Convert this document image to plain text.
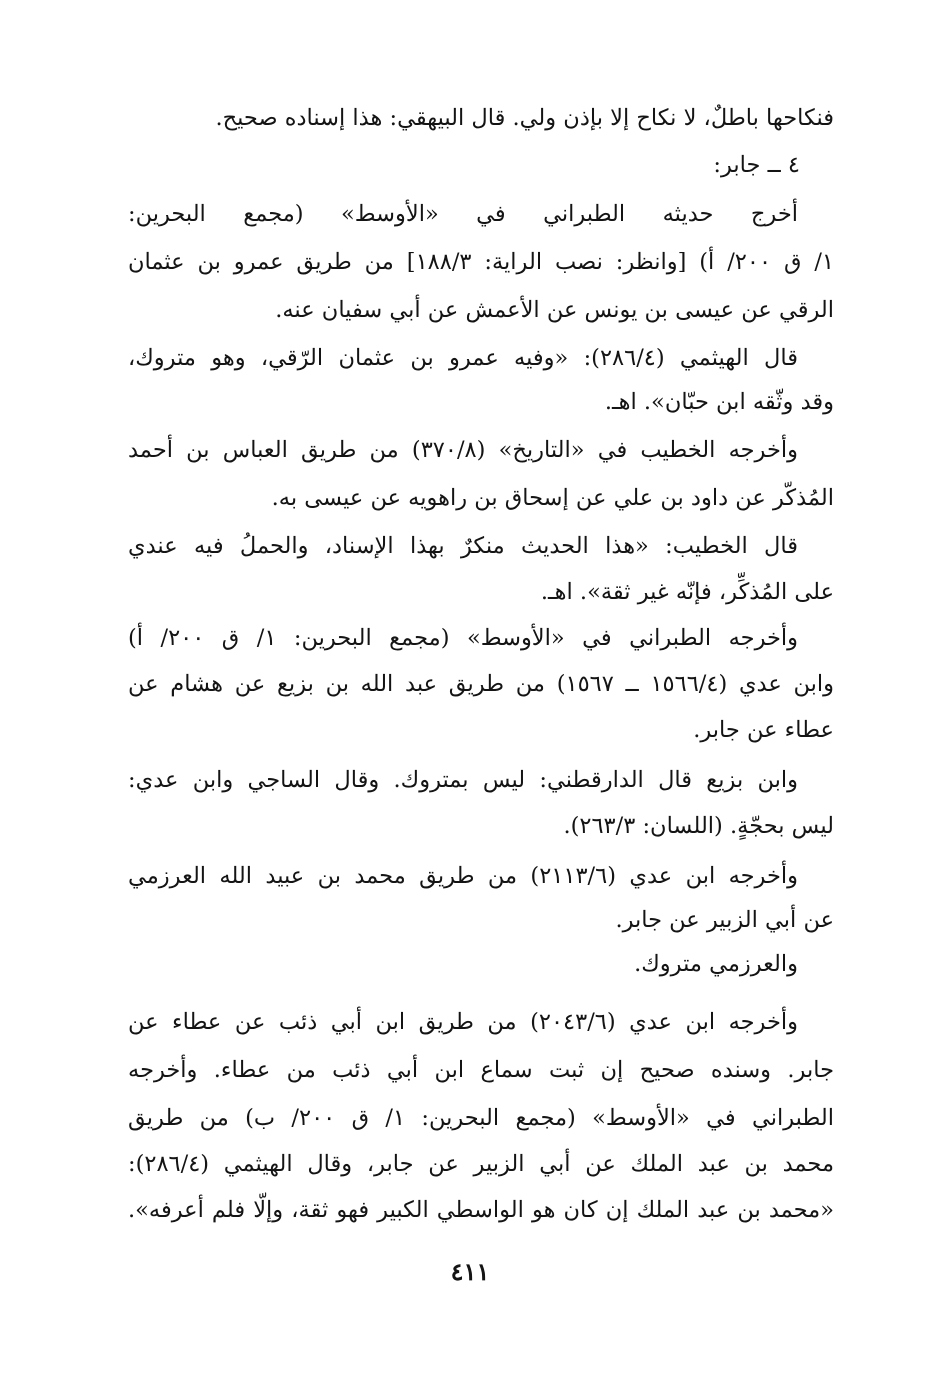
فنكاحها باطلٌ، لا نكاح إلا بإذن ولي. قال البيهقي: هذا إسناده صحيح.
٤ ــ جابر:
أخرج حديثه الطبراني في «الأوسط» (مجمع البحرين:
١/ ق ٢٠٠/ أ) [وانظر: نصب الراية: ١٨٨/٣] من طريق عمرو بن عثمان
الرقي عن عيسى بن يونس عن الأعمش عن أبي سفيان عنه.
قال الهيثمي (٢٨٦/٤): «وفيه عمرو بن عثمان الرّقي، وهو متروك،
وقد وثّقه ابن حبّان». اهـ.
وأخرجه الخطيب في «التاريخ» (٣٧٠/٨) من طريق العباس بن أحمد
المُذكّر عن داود بن علي عن إسحاق بن راهويه عن عيسى به.
قال الخطيب: «هذا الحديث منكرٌ بهذا الإسناد، والحملُ فيه عندي
على المُذكِّر، فإنّه غير ثقة». اهـ.
وأخرجه الطبراني في «الأوسط» (مجمع البحرين: ١/ ق ٢٠٠/ أ)
وابن عدي (١٥٦٦/٤ ــ ١٥٦٧) من طريق عبد الله بن بزيع عن هشام عن
عطاء عن جابر.
وابن بزيع قال الدارقطني: ليس بمتروك. وقال الساجي وابن عدي:
ليس بحجّةٍ. (اللسان: ٢٦٣/٣).
وأخرجه ابن عدي (٢١١٣/٦) من طريق محمد بن عبيد الله العرزمي
عن أبي الزبير عن جابر.
والعرزمي متروك.
وأخرجه ابن عدي (٢٠٤٣/٦) من طريق ابن أبي ذئب عن عطاء عن
جابر. وسنده صحيح إن ثبت سماع ابن أبي ذئب من عطاء. وأخرجه
الطبراني في «الأوسط» (مجمع البحرين: ١/ ق ٢٠٠/ ب) من طريق
محمد بن عبد الملك عن أبي الزبير عن جابر، وقال الهيثمي (٢٨٦/٤):
«محمد بن عبد الملك إن كان هو الواسطي الكبير فهو ثقة، وإلّا فلم أعرفه».
٤١١
